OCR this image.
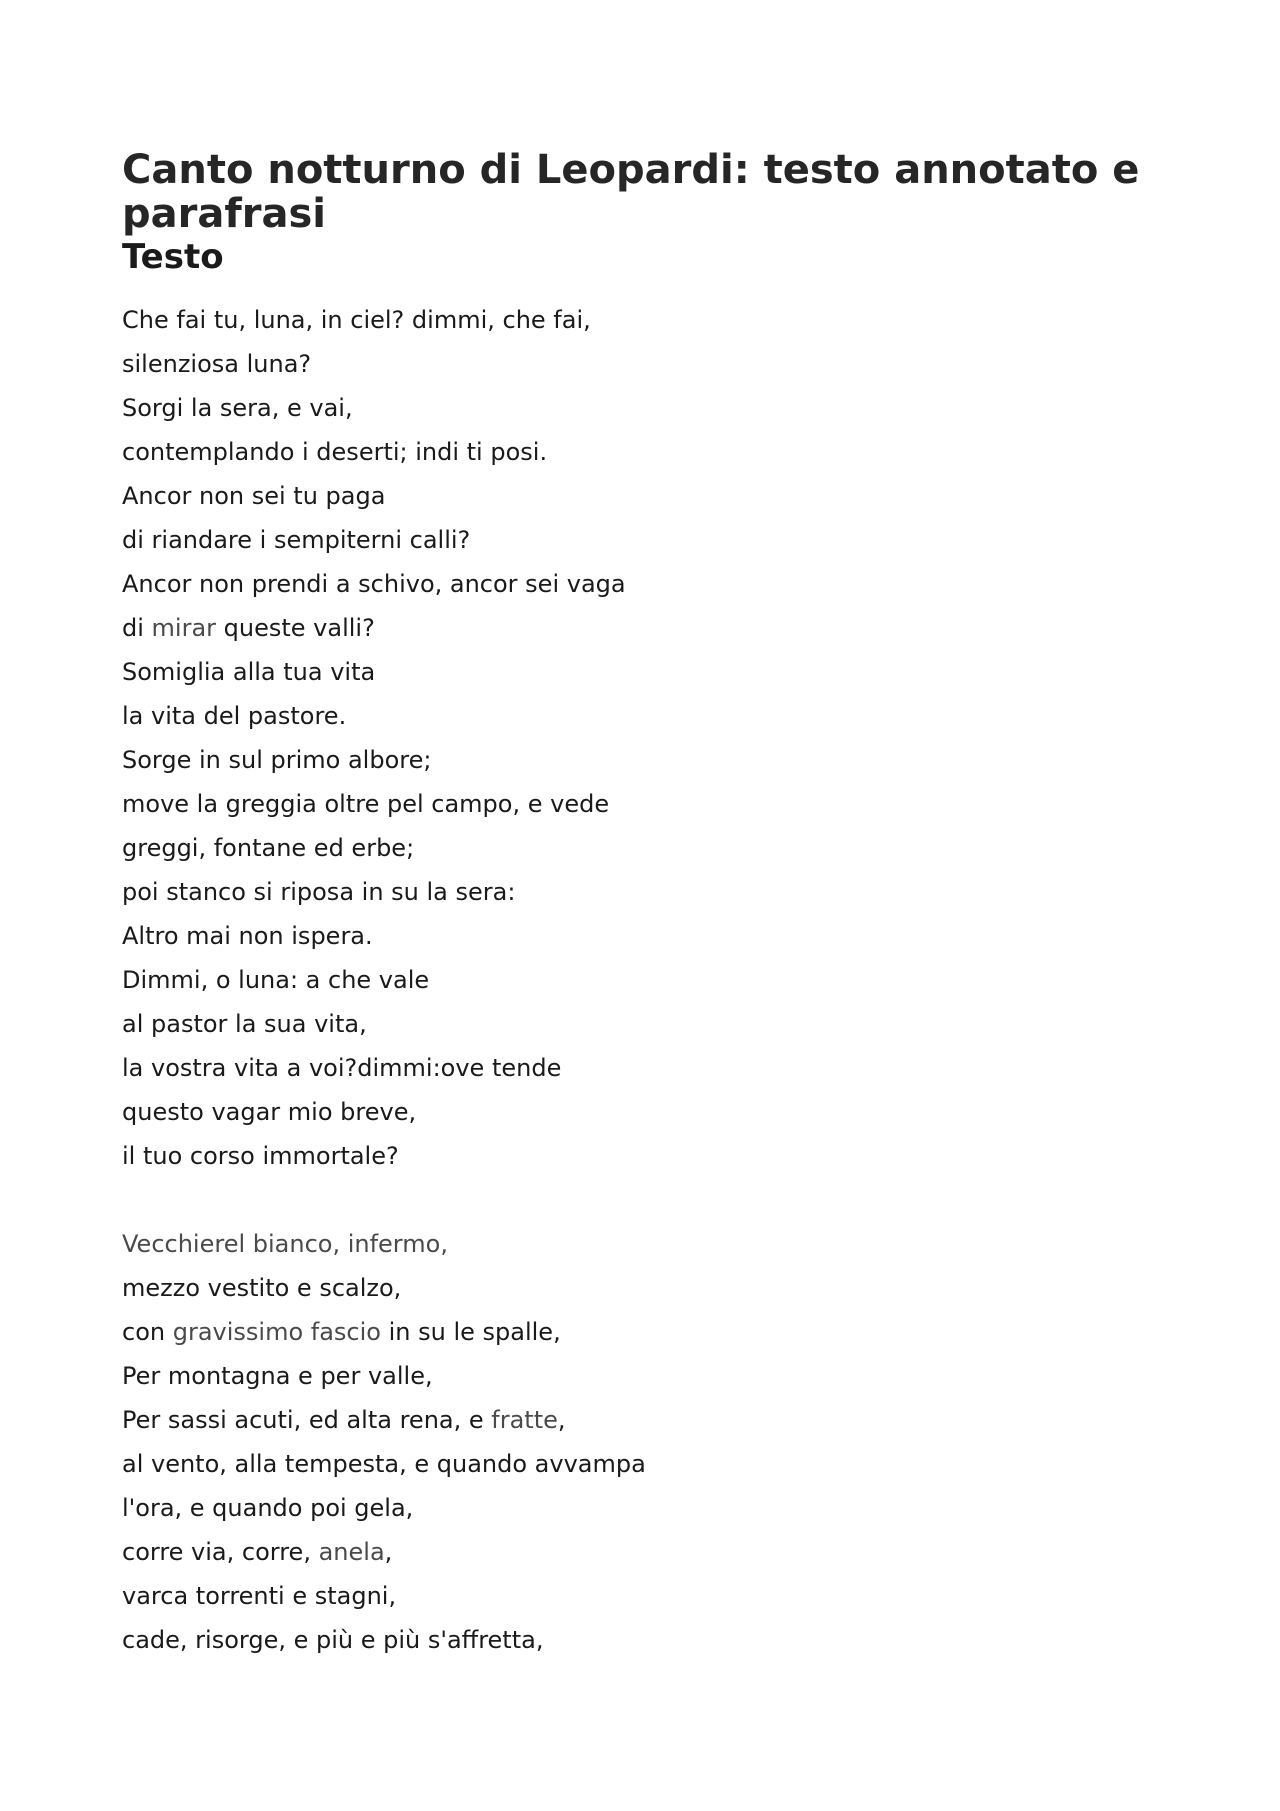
Canto notturno di Leopardi: testo annotato e parafrasi
Testo
Che fai tu, luna, in ciel? dimmi, che fai,
silenziosa luna?
Sorgi la sera, e vai,
contemplando i deserti; indi ti posi.
Ancor non sei tu paga
di riandare i sempiterni calli?
Ancor non prendi a schivo, ancor sei vaga
di mirar queste valli?
Somiglia alla tua vita
la vita del pastore.
Sorge in sul primo albore;
move la greggia oltre pel campo, e vede
greggi, fontane ed erbe;
poi stanco si riposa in su la sera:
Altro mai non ispera.
Dimmi, o luna: a che vale
al pastor la sua vita,
la vostra vita a voi?dimmi:ove tende
questo vagar mio breve,
il tuo corso immortale?
Vecchierel bianco, infermo,
mezzo vestito e scalzo,
con gravissimo fascio in su le spalle,
Per montagna e per valle,
Per sassi acuti, ed alta rena, e fratte,
al vento, alla tempesta, e quando avvampa
l'ora, e quando poi gela,
corre via, corre, anela,
varca torrenti e stagni,
cade, risorge, e più e più s'affretta,
